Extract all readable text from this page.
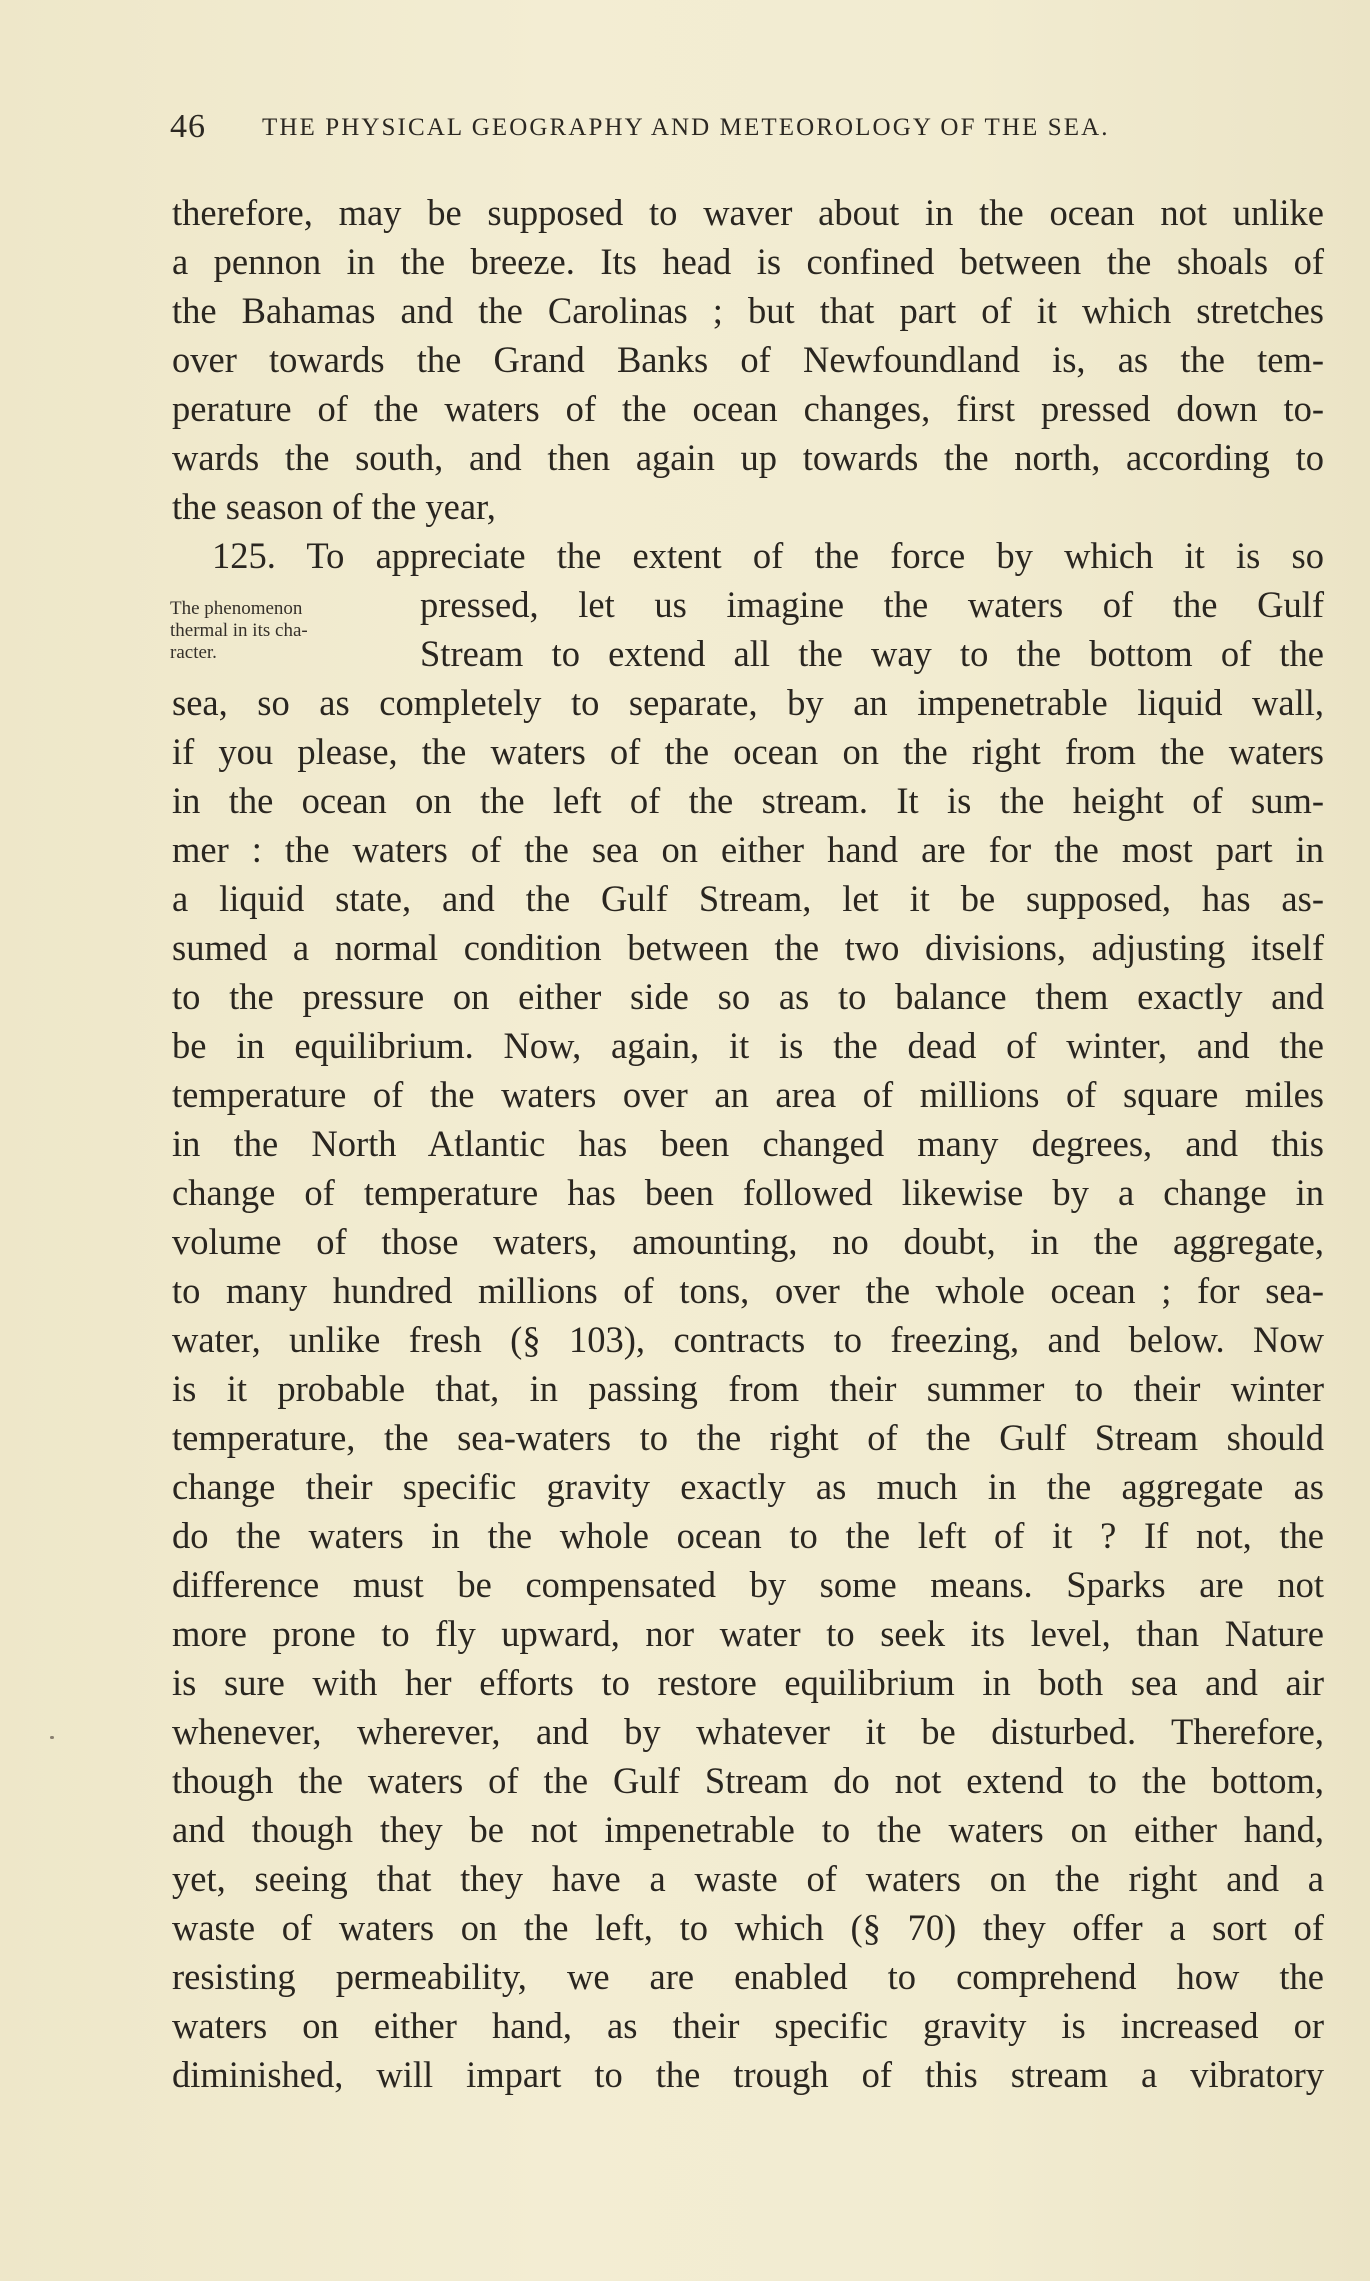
46 THE PHYSICAL GEOGRAPHY AND METEOROLOGY OF THE SEA.
The phenomenon
thermal in its cha-
racter.
therefore, may be supposed to waver about in the ocean not unlike
a pennon in the breeze. Its head is confined between the shoals of
the Bahamas and the Carolinas ; but that part of it which stretches
over towards the Grand Banks of Newfoundland is, as the tem-
perature of the waters of the ocean changes, first pressed down to-
wards the south, and then again up towards the north, according to
the season of the year,
125. To appreciate the extent of the force by which it is so
pressed, let us imagine the waters of the Gulf
Stream to extend all the way to the bottom of the
sea, so as completely to separate, by an impenetrable liquid wall,
if you please, the waters of the ocean on the right from the waters
in the ocean on the left of the stream. It is the height of sum-
mer : the waters of the sea on either hand are for the most part in
a liquid state, and the Gulf Stream, let it be supposed, has as-
sumed a normal condition between the two divisions, adjusting itself
to the pressure on either side so as to balance them exactly and
be in equilibrium. Now, again, it is the dead of winter, and the
temperature of the waters over an area of millions of square miles
in the North Atlantic has been changed many degrees, and this
change of temperature has been followed likewise by a change in
volume of those waters, amounting, no doubt, in the aggregate,
to many hundred millions of tons, over the whole ocean ; for sea-
water, unlike fresh (§ 103), contracts to freezing, and below. Now
is it probable that, in passing from their summer to their winter
temperature, the sea-waters to the right of the Gulf Stream should
change their specific gravity exactly as much in the aggregate as
do the waters in the whole ocean to the left of it ? If not, the
difference must be compensated by some means. Sparks are not
more prone to fly upward, nor water to seek its level, than Nature
is sure with her efforts to restore equilibrium in both sea and air
whenever, wherever, and by whatever it be disturbed. Therefore,
though the waters of the Gulf Stream do not extend to the bottom,
and though they be not impenetrable to the waters on either hand,
yet, seeing that they have a waste of waters on the right and a
waste of waters on the left, to which (§ 70) they offer a sort of
resisting permeability, we are enabled to comprehend how the
waters on either hand, as their specific gravity is increased or
diminished, will impart to the trough of this stream a vibratory
